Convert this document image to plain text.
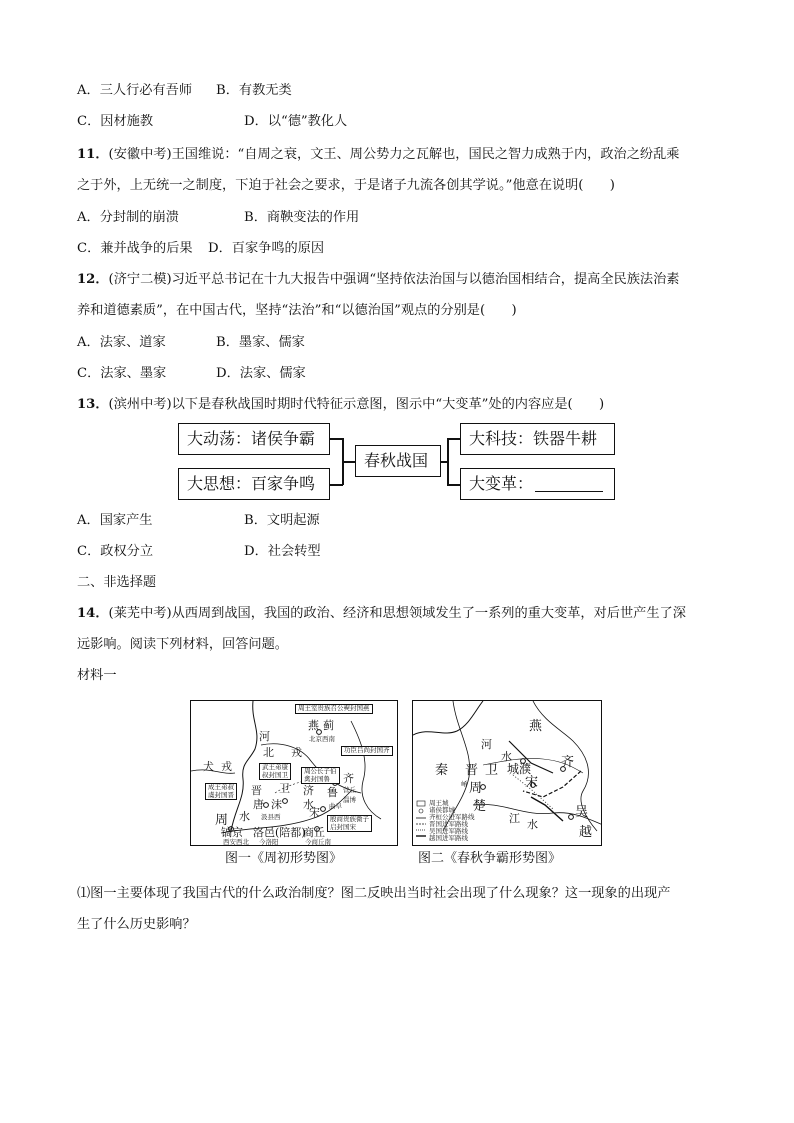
A．三人行必有吾师 B．有教无类
C．因材施教	D．以“德”教化人
11．(安徽中考)王国维说：“自周之衰，文王、周公势力之瓦解也，国民之智力成熟于内，政治之纷乱乘
之于外，上无统一之制度，下迫于社会之要求，于是诸子九流各创其学说。”他意在说明(　　)
A．分封制的崩溃	B．商鞅变法的作用
C．兼并战争的后果 D．百家争鸣的原因
12．(济宁二模)习近平总书记在十九大报告中强调“坚持依法治国与以德治国相结合，提高全民族法治素
养和道德素质”，在中国古代，坚持“法治”和“以德治国”观点的分别是(　　)
A．法家、道家	B．墨家、儒家
C．法家、墨家	D．法家、儒家
13．(滨州中考)以下是春秋战国时期时代特征示意图，图示中“大变革”处的内容应是(　　)
大动荡：诸侯争霸
大思想：百家争鸣
春秋战国
大科技：铁器牛耕
大变革：
A．国家产生	B．文明起源
C．政权分立	D．社会转型
二、非选择题
14．(莱芜中考)从西周到战国，我国的政治、经济和思想领域发生了一系列的重大变革，对后世产生了深
远影响。阅读下列材料，回答问题。
材料一
周王室贵族召公奭封国燕
燕 蓟
北京西南
河
北 戎	功臣吕尚封国齐
犬 戎	武王弟康
叔封国卫	周公长子伯
禽封国鲁	齐
营丘
成王弟叔
虞封国晋 晋 卫 济 鲁
淄博
唐 沫 水 曲阜
水 汲县西	宋
周	殷商贵族微子
启封国宋
镐京 洛邑(陪都)
商丘
西安西北 今洛阳	今商丘南
图一《周初形势图》
燕
河
水
秦 晋 卫 城濮 齐
崤 周	宋
楚
江 水
吴
越
周王城
诸侯都城
齐桓公进军路线
晋国进军路线
吴国进军路线
越国进军路线
图二《春秋争霸形势图》
⑴图一主要体现了我国古代的什么政治制度？图二反映出当时社会出现了什么现象？这一现象的出现产
生了什么历史影响？
